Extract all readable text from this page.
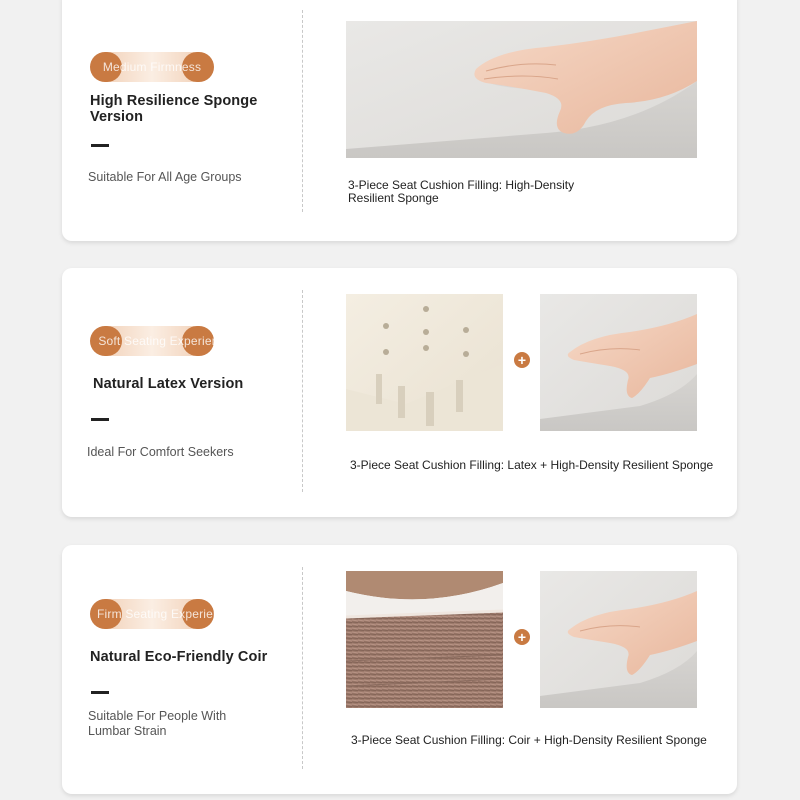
Medium Firmness
High Resilience Sponge
Version
Suitable For All Age Groups
3-Piece Seat Cushion Filling: High-Density
Resilient Sponge
Soft Seating Experience
Natural Latex Version
Ideal For Comfort Seekers
+
3-Piece Seat Cushion Filling: Latex + High-Density Resilient Sponge
Firm Seating Experience
Natural Eco-Friendly Coir
Suitable For People With
Lumbar Strain
+
3-Piece Seat Cushion Filling: Coir + High-Density Resilient Sponge
